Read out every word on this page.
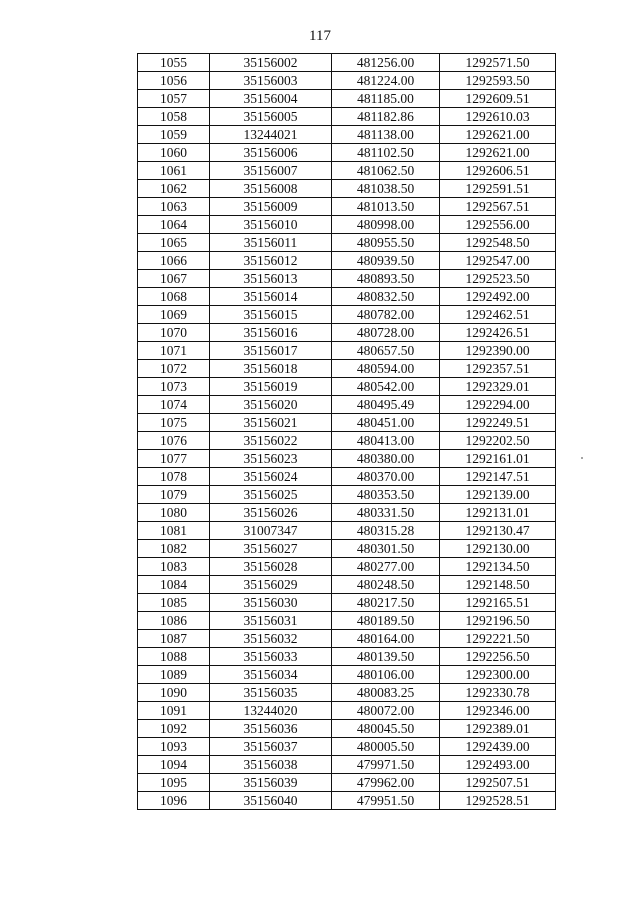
117
1055	35156002	481256.00	1292571.50
1056	35156003	481224.00	1292593.50
1057	35156004	481185.00	1292609.51
1058	35156005	481182.86	1292610.03
1059	13244021	481138.00	1292621.00
1060	35156006	481102.50	1292621.00
1061	35156007	481062.50	1292606.51
1062	35156008	481038.50	1292591.51
1063	35156009	481013.50	1292567.51
1064	35156010	480998.00	1292556.00
1065	35156011	480955.50	1292548.50
1066	35156012	480939.50	1292547.00
1067	35156013	480893.50	1292523.50
1068	35156014	480832.50	1292492.00
1069	35156015	480782.00	1292462.51
1070	35156016	480728.00	1292426.51
1071	35156017	480657.50	1292390.00
1072	35156018	480594.00	1292357.51
1073	35156019	480542.00	1292329.01
1074	35156020	480495.49	1292294.00
1075	35156021	480451.00	1292249.51
1076	35156022	480413.00	1292202.50
1077	35156023	480380.00	1292161.01
1078	35156024	480370.00	1292147.51
1079	35156025	480353.50	1292139.00
1080	35156026	480331.50	1292131.01
1081	31007347	480315.28	1292130.47
1082	35156027	480301.50	1292130.00
1083	35156028	480277.00	1292134.50
1084	35156029	480248.50	1292148.50
1085	35156030	480217.50	1292165.51
1086	35156031	480189.50	1292196.50
1087	35156032	480164.00	1292221.50
1088	35156033	480139.50	1292256.50
1089	35156034	480106.00	1292300.00
1090	35156035	480083.25	1292330.78
1091	13244020	480072.00	1292346.00
1092	35156036	480045.50	1292389.01
1093	35156037	480005.50	1292439.00
1094	35156038	479971.50	1292493.00
1095	35156039	479962.00	1292507.51
1096	35156040	479951.50	1292528.51
